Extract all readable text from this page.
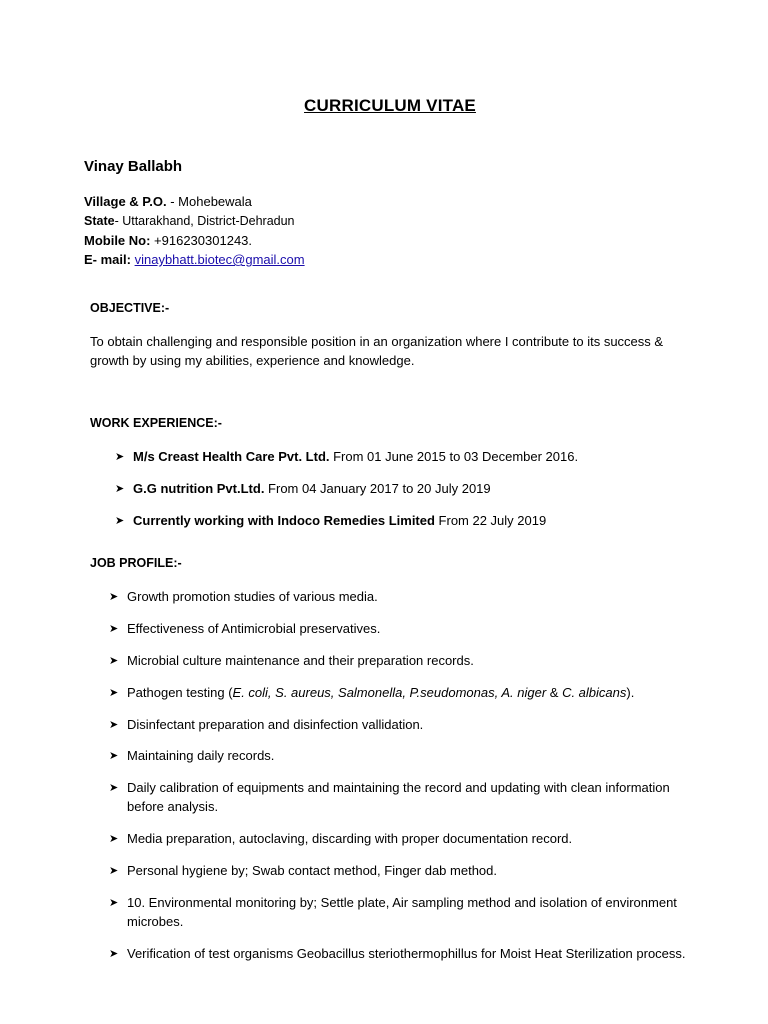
CURRICULUM VITAE
Vinay Ballabh
Village & P.O. - Mohebewala
State- Uttarakhand, District-Dehradun
Mobile No: +916230301243.
E- mail: vinaybhatt.biotec@gmail.com
OBJECTIVE:-
To obtain challenging and responsible position in an organization where I contribute to its success & growth by using my abilities, experience and knowledge.
WORK EXPERIENCE:-
➤ M/s Creast Health Care Pvt. Ltd. From 01 June 2015 to 03 December 2016.
➤ G.G nutrition Pvt.Ltd. From 04 January 2017 to 20 July 2019
➤ Currently working with Indoco Remedies Limited From 22 July 2019
JOB PROFILE:-
➤ Growth promotion studies of various media.
➤ Effectiveness of Antimicrobial preservatives.
➤ Microbial culture maintenance and their preparation records.
➤ Pathogen testing (E. coli, S. aureus, Salmonella, P.seudomonas, A. niger & C. albicans).
➤ Disinfectant preparation and disinfection vallidation.
➤ Maintaining daily records.
➤ Daily calibration of equipments and maintaining the record and updating with clean information before analysis.
➤ Media preparation, autoclaving, discarding with proper documentation record.
➤ Personal hygiene by; Swab contact method, Finger dab method.
➤ 10. Environmental monitoring by; Settle plate, Air sampling method and isolation of environment microbes.
➤ Verification of test organisms Geobacillus steriothermophillus for Moist Heat Sterilization process.
